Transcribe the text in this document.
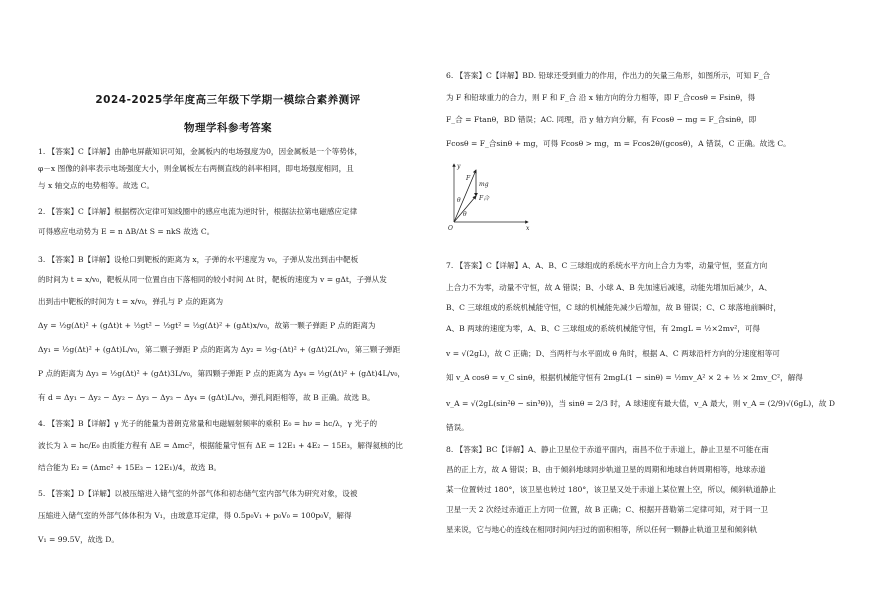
2024-2025学年度高三年级下学期一模综合素养测评
物理学科参考答案
1. 【答案】C【详解】由静电屏蔽知识可知，金属板内的电场强度为0，因金属板是一个等势体，
φ－x 图像的斜率表示电场强度大小，则金属板左右两侧直线的斜率相同，即电场强度相同，且
与 x 轴交点的电势相等。故选 C。
2. 【答案】C【详解】根据楞次定律可知线圈中的感应电流为逆时针，根据法拉第电磁感应定律
可得感应电动势为 E = n ΔB/Δt S = nkS 故选 C。
3. 【答案】B【详解】设枪口到靶板的距离为 x，子弹的水平速度为 v₀，子弹从发出到击中靶板
的时间为 t = x/v₀，靶板从同一位置自由下落相同的较小时间 Δt 时，靶板的速度为 v = gΔt，子弹从发
出到击中靶板的时间为 t = x/v₀，弹孔与 P 点的距离为
Δy = ½g(Δt)² + (gΔt)t + ½gt² − ½gt² = ½g(Δt)² + (gΔt)x/v₀，故第一颗子弹距 P 点的距离为
Δy₁ = ½g(Δt)² + (gΔt)L/v₀，第二颗子弹距 P 点的距离为 Δy₂ = ½g·(Δt)² + (gΔt)2L/v₀，第三颗子弹距
P 点的距离为 Δy₃ = ½g(Δt)² + (gΔt)3L/v₀，第四颗子弹距 P 点的距离为 Δy₄ = ½g(Δt)² + (gΔt)4L/v₀，
有 d = Δy₁ − Δy₂ − Δy₂ − Δy₃ − Δy₃ − Δy₄ = (gΔt)L/v₀，弹孔间距相等，故 B 正确。故选 B。
4. 【答案】B【详解】γ 光子的能量为普朗克常量和电磁辐射频率的乘积 E₀ = hν = hc/λ，γ 光子的
波长为 λ = hc/E₀ 由质能方程有 ΔE = Δmc²，根据能量守恒有 ΔE = 12E₁ + 4E₂ − 15E₃，解得氦核的比
结合能为 E₂ = (Δmc² + 15E₃ − 12E₁)/4，故选 B。
5. 【答案】D【详解】以被压缩进入储气室的外部气体和初态储气室内部气体为研究对象，设被
压缩进入储气室的外部气体体积为 V₁，由玻意耳定律，得 0.5p₀V₁ + p₀V₀ = 100p₀V，解得
V₁ = 99.5V，故选 D。
6. 【答案】C【详解】BD. 铅球还受到重力的作用，作出力的矢量三角形，如图所示，可知 F_合
为 F 和铅球重力的合力，则 F 和 F_合 沿 x 轴方向的分力相等，即 F_合cosθ = Fsinθ，得
F_合 = Ftanθ，BD 错误；AC. 同理，沿 y 轴方向分解，有 Fcosθ − mg = F_合sinθ，即
Fcosθ = F_合sinθ + mg，可得 Fcosθ > mg，m = Fcos2θ/(gcosθ)，A 错误，C 正确。故选 C。
y
F
mg
F合
θ
θ
O	x
7. 【答案】C【详解】A、A、B、C 三球组成的系统水平方向上合力为零，动量守恒，竖直方向
上合力不为零，动量不守恒，故 A 错误；B、小球 A、B 先加速后减速，动能先增加后减少，A、
B、C 三球组成的系统机械能守恒，C 球的机械能先减少后增加，故 B 错误；C、C 球落地前瞬时，
A、B 两球的速度为零，A、B、C 三球组成的系统机械能守恒，有 2mgL = ½×2mv²，可得
v = √(2gL)，故 C 正确；D、当两杆与水平面成 θ 角时，根据 A、C 两球沿杆方向的分速度相等可
知 v_A cosθ = v_C sinθ，根据机械能守恒有 2mgL(1 − sinθ) = ½mv_A² × 2 + ½ × 2mv_C²，解得
v_A = √(2gL(sin²θ − sin³θ))，当 sinθ = 2/3 时，A 球速度有最大值，v_A 最大，则 v_A = (2/9)√(6gL)，故 D
错误。
8. 【答案】BC【详解】A、静止卫星位于赤道平面内，南昌不位于赤道上，静止卫星不可能在南
昌的正上方，故 A 错误；B、由于倾斜地球同步轨道卫星的周期和地球自转周期相等，地球赤道
某一位置转过 180°，该卫星也转过 180°，该卫星又处于赤道上某位置上空，所以，倾斜轨道静止
卫星一天 2 次经过赤道正上方同一位置，故 B 正确；C、根据开普勒第二定律可知，对于同一卫
星来说，它与地心的连线在相同时间内扫过的面积相等，所以任何一颗静止轨道卫星和倾斜轨
